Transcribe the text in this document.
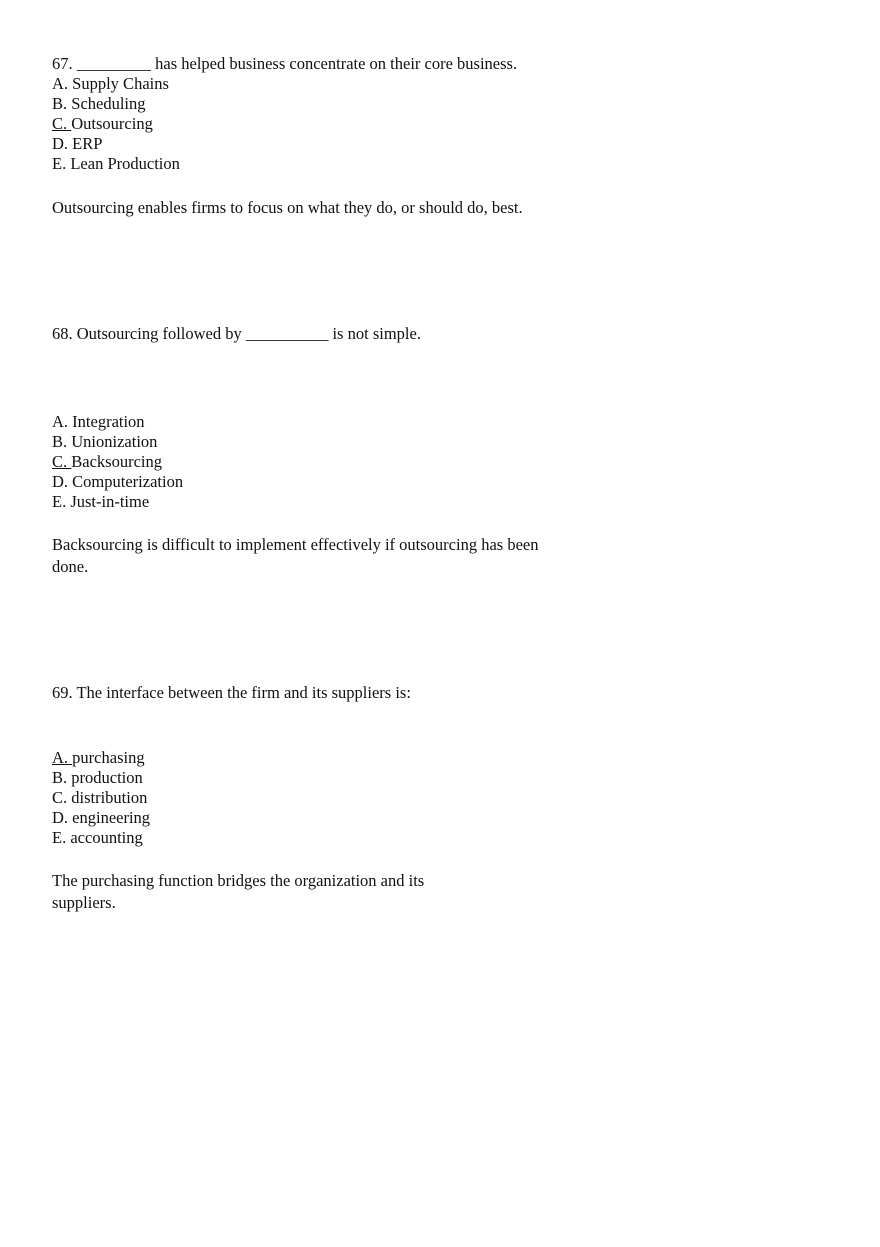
67. _________ has helped business concentrate on their core business.
A. Supply Chains
B. Scheduling
C. Outsourcing
D. ERP
E. Lean Production
Outsourcing enables firms to focus on what they do, or should do, best.
68. Outsourcing followed by __________ is not simple.
A. Integration
B. Unionization
C. Backsourcing
D. Computerization
E. Just-in-time
Backsourcing is difficult to implement effectively if outsourcing has been
done.
69. The interface between the firm and its suppliers is:
A. purchasing
B. production
C. distribution
D. engineering
E. accounting
The purchasing function bridges the organization and its
suppliers.
